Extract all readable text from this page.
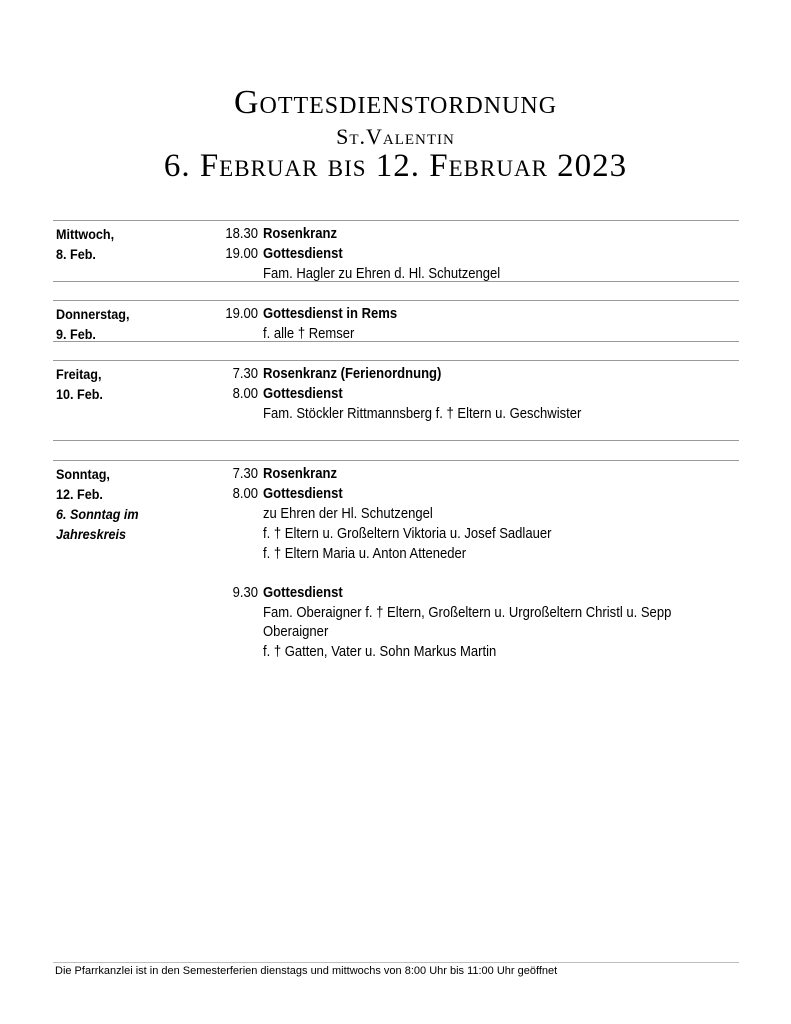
Gottesdienstordnung
St.Valentin
6. Februar bis 12. Februar 2023
Mittwoch,
8. Feb.
18.30 Rosenkranz
19.00 Gottesdienst
Fam. Hagler zu Ehren d. Hl. Schutzengel
Donnerstag,
9. Feb.
19.00 Gottesdienst in Rems
f. alle † Remser
Freitag,
10. Feb.
7.30 Rosenkranz (Ferienordnung)
8.00 Gottesdienst
Fam. Stöckler Rittmannsberg f. † Eltern u. Geschwister
Sonntag,
12. Feb.
6. Sonntag im
Jahreskreis
7.30 Rosenkranz
8.00 Gottesdienst
zu Ehren der Hl. Schutzengel
f. † Eltern u. Großeltern Viktoria u. Josef Sadlauer
f. † Eltern Maria u. Anton Atteneder
9.30 Gottesdienst
Fam. Oberaigner f. † Eltern, Großeltern u. Urgroßeltern Christl u. Sepp
Oberaigner
f. † Gatten, Vater u. Sohn Markus Martin
Die Pfarrkanzlei ist in den Semesterferien dienstags und mittwochs von 8:00 Uhr bis 11:00 Uhr geöffnet
